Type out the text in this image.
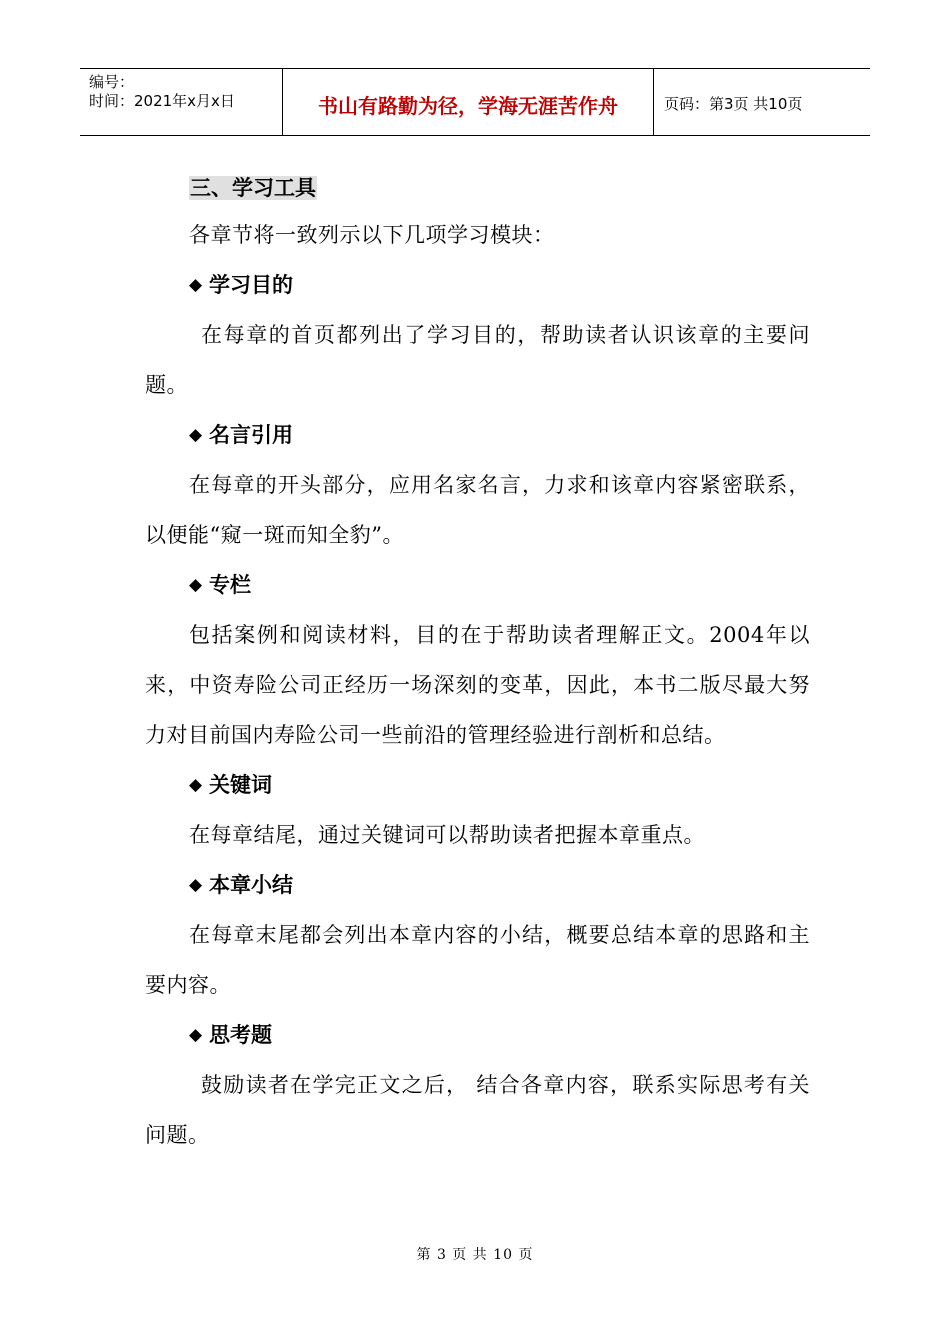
编号：
时间：2021年x月x日	书山有路勤为径，学海无涯苦作舟	页码：第3页 共10页
三、学习工具

各章节将一致列示以下几项学习模块：

◆ 学习目的

在每章的首页都列出了学习目的，帮助读者认识该章的主要问题。

◆ 名言引用

在每章的开头部分，应用名家名言，力求和该章内容紧密联系，以便能“窥一斑而知全豹”。

◆ 专栏

包括案例和阅读材料，目的在于帮助读者理解正文。2004年以来，中资寿险公司正经历一场深刻的变革，因此，本书二版尽最大努力对目前国内寿险公司一些前沿的管理经验进行剖析和总结。

◆ 关键词

在每章结尾，通过关键词可以帮助读者把握本章重点。

◆ 本章小结

在每章末尾都会列出本章内容的小结，概要总结本章的思路和主要内容。

◆ 思考题

鼓励读者在学完正文之后， 结合各章内容，联系实际思考有关问题。

第 3 页 共 10 页
